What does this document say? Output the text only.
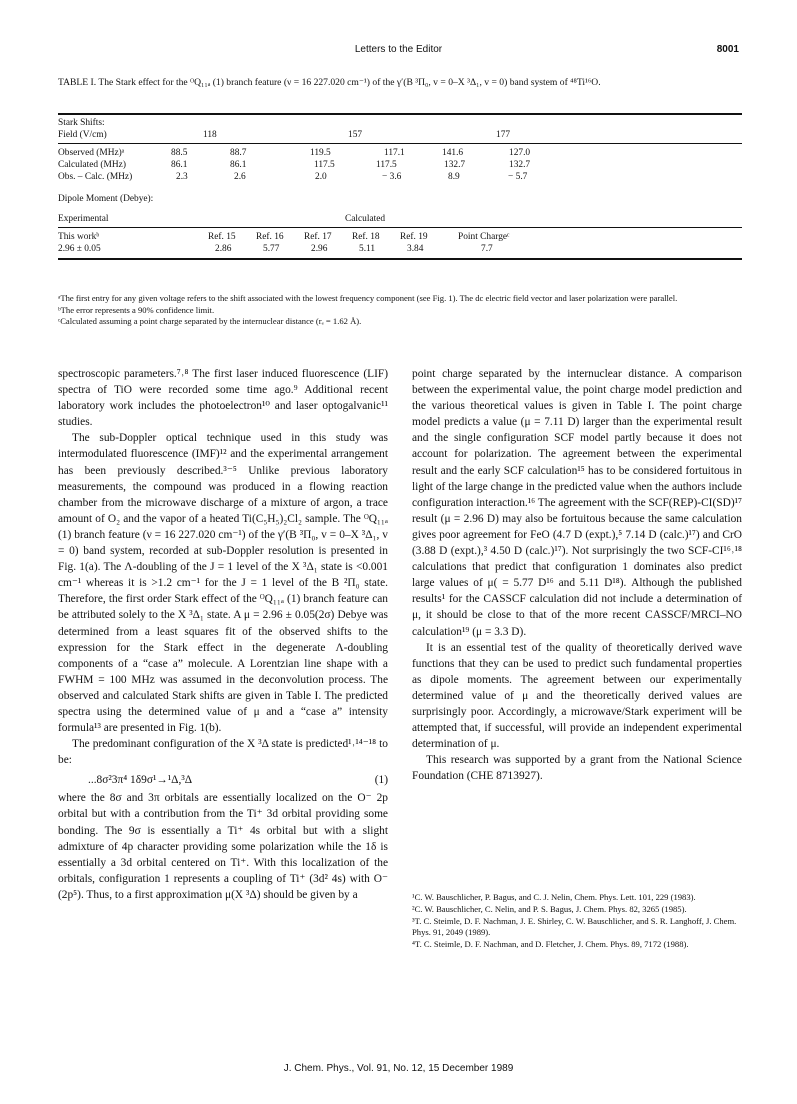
Letters to the Editor	8001
TABLE I. The Stark effect for the ᴼQ₁₁ₐ (1) branch feature (ν = 16 227.020 cm⁻¹) of the γ′(B ³Π₀, v = 0–X ³Δ₁, v = 0) band system of ⁴⁸Ti¹⁶O.
Stark Shifts:
Field (V/cm)	118	157	177
Observed (MHz)ᵃ	88.5	88.7	119.5	117.1	141.6	127.0
Calculated (MHz)	86.1	86.1	117.5	117.5	132.7	132.7
Obs. – Calc. (MHz)	2.3	2.6	2.0	− 3.6	8.9	− 5.7
Dipole Moment (Debye):
Experimental	Calculated
This workᵇ	Ref. 15 Ref. 16 Ref. 17 Ref. 18 Ref. 19	Point Chargeᶜ
2.96 ± 0.05	2.86	5.77	2.96	5.11	3.84	7.7
ᵃThe first entry for any given voltage refers to the shift associated with the lowest frequency component (see Fig. 1). The dc electric field vector and laser polarization were parallel.
ᵇThe error represents a 90% confidence limit.
ᶜCalculated assuming a point charge separated by the internuclear distance (rₑ = 1.62 Å).

spectroscopic parameters.⁷˒⁸ The first laser induced fluorescence (LIF) spectra of TiO were recorded some time ago.⁹ Additional recent laboratory work includes the photoelectron¹⁰ and laser optogalvanic¹¹ studies.

The sub-Doppler optical technique used in this study was intermodulated fluorescence (IMF)¹² and the experimental arrangement has been previously described.³⁻⁵ Unlike previous laboratory measurements, the compound was produced in a flowing reaction chamber from the microwave discharge of a mixture of argon, a trace amount of O₂ and the vapor of a heated Ti(C₅H₅)₂Cl₂ sample. The ᴼQ₁₁ₐ (1) branch feature (ν = 16 227.020 cm⁻¹) of the γ′(B ³Π₀, v = 0–X ³Δ₁, v = 0) band system, recorded at sub-Doppler resolution is presented in Fig. 1(a). The Λ-doubling of the J = 1 level of the X ³Δ₁ state is <0.001 cm⁻¹ whereas it is >1.2 cm⁻¹ for the J = 1 level of the B ²Π₀ state. Therefore, the first order Stark effect of the ᴼQ₁₁ₐ (1) branch feature can be attributed solely to the X ³Δ₁ state. A μ = 2.96 ± 0.05(2σ) Debye was determined from a least squares fit of the observed shifts to the expression for the Stark effect in the degenerate Λ-doubling components of a “case a” molecule. A Lorentzian line shape with a FWHM = 100 MHz was assumed in the deconvolution process. The observed and calculated Stark shifts are given in Table I. The predicted spectra using the determined value of μ and a “case a” intensity formula¹³ are presented in Fig. 1(b).

The predominant configuration of the X ³Δ state is predicted¹˒¹⁴⁻¹⁸ to be:

...8σ²3π⁴ 1δ9σ¹→¹Δ,³Δ	(1)

where the 8σ and 3π orbitals are essentially localized on the O⁻ 2p orbital but with a contribution from the Ti⁺ 3d orbital providing some bonding. The 9σ is essentially a Ti⁺ 4s orbital but with a slight admixture of 4p character providing some polarization while the 1δ is essentially a 3d orbital centered on Ti⁺. With this localization of the orbitals, configuration 1 represents a coupling of Ti⁺ (3d² 4s) with O⁻ (2p⁵). Thus, to a first approximation μ(X ³Δ) should be given by a

point charge separated by the internuclear distance. A comparison between the experimental value, the point charge model prediction and the various theoretical values is given in Table I. The point charge model predicts a value (μ = 7.11 D) larger than the experimental result and the single configuration SCF model partly because it does not account for polarization. The agreement between the experimental result and the early SCF calculation¹⁵ has to be considered fortuitous in light of the large change in the predicted value when the authors include configuration interaction.¹⁶ The agreement with the SCF(REP)-CI(SD)¹⁷ result (μ = 2.96 D) may also be fortuitous because the same calculation gives poor agreement for FeO (4.7 D (expt.),⁵ 7.14 D (calc.)¹⁷) and CrO (3.88 D (expt.),³ 4.50 D (calc.)¹⁷). Not surprisingly the two SCF-CI¹⁶˒¹⁸ calculations that predict that configuration 1 dominates also predict large values of μ( = 5.77 D¹⁶ and 5.11 D¹⁸). Although the published results¹ for the CASSCF calculation did not include a determination of μ, it should be close to that of the more recent CASSCF/MRCI–NO calculation¹⁹ (μ = 3.3 D).

It is an essential test of the quality of theoretically derived wave functions that they can be used to predict such fundamental properties as dipole moments. The agreement between our experimentally determined value of μ and the theoretically derived values are surprisingly poor. Accordingly, a microwave/Stark experiment will be attempted that, if successful, will provide an independent experimental determination of μ.

This research was supported by a grant from the National Science Foundation (CHE 8713927).

¹C. W. Bauschlicher, P. Bagus, and C. J. Nelin, Chem. Phys. Lett. 101, 229 (1983).
²C. W. Bauschlicher, C. Nelin, and P. S. Bagus, J. Chem. Phys. 82, 3265 (1985).
³T. C. Steimle, D. F. Nachman, J. E. Shirley, C. W. Bauschlicher, and S. R. Langhoff, J. Chem. Phys. 91, 2049 (1989).
⁴T. C. Steimle, D. F. Nachman, and D. Fletcher, J. Chem. Phys. 89, 7172 (1988).
J. Chem. Phys., Vol. 91, No. 12, 15 December 1989
